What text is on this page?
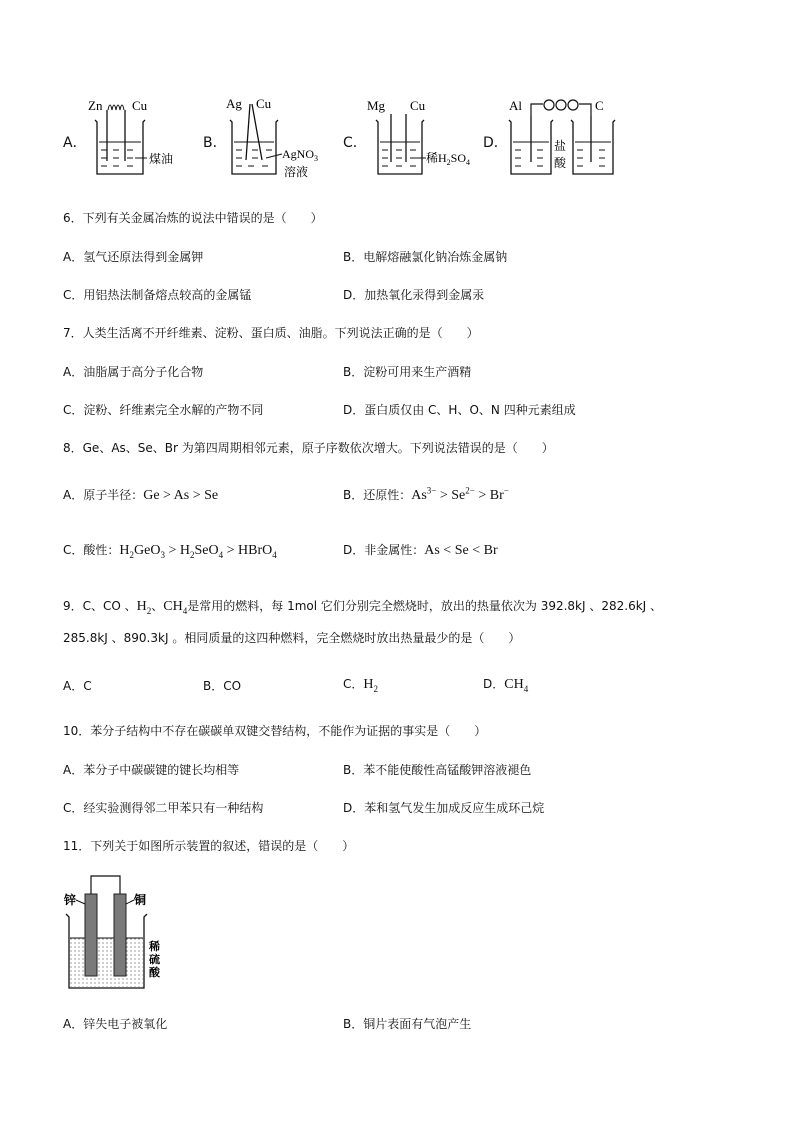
A．
Zn Cu
煤油
B．
Ag Cu
AgNO$_3$
溶液
C．
Mg Cu
稀$H_2SO_4$
D．
Al	C
盐
酸
6．下列有关金属冶炼的说法中错误的是（　　）
A．氢气还原法得到金属钾	B．电解熔融氯化钠冶炼金属钠
C．用铝热法制备熔点较高的金属锰	D．加热氧化汞得到金属汞
7．人类生活离不开纤维素、淀粉、蛋白质、油脂。下列说法正确的是（　　）
A．油脂属于高分子化合物	B．淀粉可用来生产酒精
C．淀粉、纤维素完全水解的产物不同	D．蛋白质仅由 C、H、O、N 四种元素组成
8．Ge、As、Se、Br 为第四周期相邻元素，原子序数依次增大。下列说法错误的是（　　）
A．原子半径：Ge > As > Se	B．还原性：$As^{3-} > Se^{2-} > Br^-$
C．酸性：$H_2GeO_3 > H_2SeO_4$ > HBrO$_4$	D．非金属性：As < Se < Br
9．C、CO 、$H_2$、$CH_4$是常用的燃料，每 1mol 它们分别完全燃烧时，放出的热量依次为 392.8kJ 、282.6kJ 、
285.8kJ 、890.3kJ 。相同质量的这四种燃料，完全燃烧时放出热量最少的是（　　）
A．C	B．CO	C．$H_2$	D．$CH_4$
10．苯分子结构中不存在碳碳单双键交替结构，不能作为证据的事实是（　　）
A．苯分子中碳碳键的键长均相等	B．苯不能使酸性高锰酸钾溶液褪色
C．经实验测得邻二甲苯只有一种结构	D．苯和氢气发生加成反应生成环己烷
11．下列关于如图所示装置的叙述，错误的是（　　）
锌	铜
稀
硫
酸
A．锌失电子被氧化	B．铜片表面有气泡产生
